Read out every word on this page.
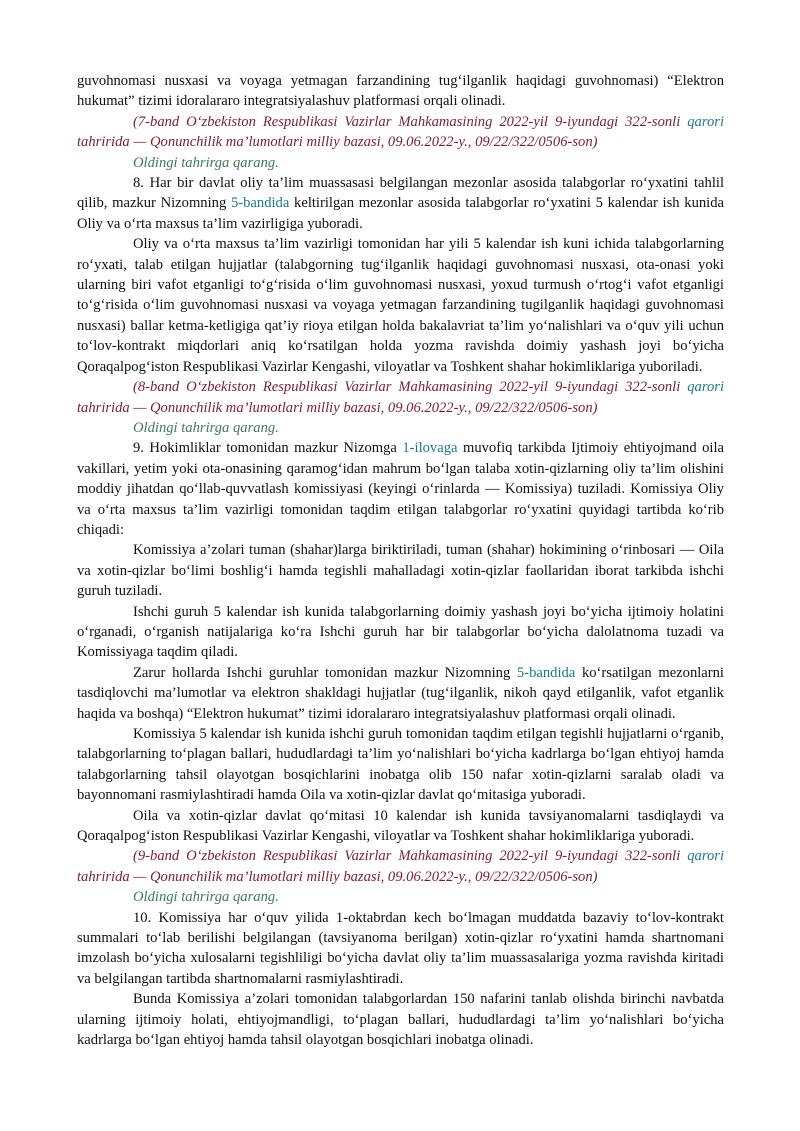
guvohnomasi nusxasi va voyaga yetmagan farzandining tug‘ilganlik haqidagi guvohnomasi) “Elektron hukumat” tizimi idoralararo integratsiyalashuv platformasi orqali olinadi.

(7-band O‘zbekiston Respublikasi Vazirlar Mahkamasining 2022-yil 9-iyundagi 322-sonli qarori tahririda — Qonunchilik ma’lumotlari milliy bazasi, 09.06.2022-y., 09/22/322/0506-son)

Oldingi tahrirga qarang.

8. Har bir davlat oliy ta’lim muassasasi belgilangan mezonlar asosida talabgorlar ro‘yxatini tahlil qilib, mazkur Nizomning 5-bandida keltirilgan mezonlar asosida talabgorlar ro‘yxatini 5 kalendar ish kunida Oliy va o‘rta maxsus ta’lim vazirligiga yuboradi.

Oliy va o‘rta maxsus ta’lim vazirligi tomonidan har yili 5 kalendar ish kuni ichida talabgorlarning ro‘yxati, talab etilgan hujjatlar (talabgorning tug‘ilganlik haqidagi guvohnomasi nusxasi, ota-onasi yoki ularning biri vafot etganligi to‘g‘risida o‘lim guvohnomasi nusxasi, yoxud turmush o‘rtog‘i vafot etganligi to‘g‘risida o‘lim guvohnomasi nusxasi va voyaga yetmagan farzandining tugilganlik haqidagi guvohnomasi nusxasi) ballar ketma-ketligiga qat’iy rioya etilgan holda bakalavriat ta’lim yo‘nalishlari va o‘quv yili uchun to‘lov-kontrakt miqdorlari aniq ko‘rsatilgan holda yozma ravishda doimiy yashash joyi bo‘yicha Qoraqalpog‘iston Respublikasi Vazirlar Kengashi, viloyatlar va Toshkent shahar hokimliklariga yuboriladi.

(8-band O‘zbekiston Respublikasi Vazirlar Mahkamasining 2022-yil 9-iyundagi 322-sonli qarori tahririda — Qonunchilik ma’lumotlari milliy bazasi, 09.06.2022-y., 09/22/322/0506-son)

Oldingi tahrirga qarang.

9. Hokimliklar tomonidan mazkur Nizomga 1-ilovaga muvofiq tarkibda Ijtimoiy ehtiyojmand oila vakillari, yetim yoki ota-onasining qaramog‘idan mahrum bo‘lgan talaba xotin-qizlarning oliy ta’lim olishini moddiy jihatdan qo‘llab-quvvatlash komissiyasi (keyingi o‘rinlarda — Komissiya) tuziladi. Komissiya Oliy va o‘rta maxsus ta’lim vazirligi tomonidan taqdim etilgan talabgorlar ro‘yxatini quyidagi tartibda ko‘rib chiqadi:

Komissiya a’zolari tuman (shahar)larga biriktiriladi, tuman (shahar) hokimining o‘rinbosari — Oila va xotin-qizlar bo‘limi boshlig‘i hamda tegishli mahalladagi xotin-qizlar faollaridan iborat tarkibda ishchi guruh tuziladi.

Ishchi guruh 5 kalendar ish kunida talabgorlarning doimiy yashash joyi bo‘yicha ijtimoiy holatini o‘rganadi, o‘rganish natijalariga ko‘ra Ishchi guruh har bir talabgorlar bo‘yicha dalolatnoma tuzadi va Komissiyaga taqdim qiladi.

Zarur hollarda Ishchi guruhlar tomonidan mazkur Nizomning 5-bandida ko‘rsatilgan mezonlarni tasdiqlovchi ma’lumotlar va elektron shakldagi hujjatlar (tug‘ilganlik, nikoh qayd etilganlik, vafot etganlik haqida va boshqa) “Elektron hukumat” tizimi idoralararo integratsiyalashuv platformasi orqali olinadi.

Komissiya 5 kalendar ish kunida ishchi guruh tomonidan taqdim etilgan tegishli hujjatlarni o‘rganib, talabgorlarning to‘plagan ballari, hududlardagi ta’lim yo‘nalishlari bo‘yicha kadrlarga bo‘lgan ehtiyoj hamda talabgorlarning tahsil olayotgan bosqichlarini inobatga olib 150 nafar xotin-qizlarni saralab oladi va bayonnomani rasmiylashtiradi hamda Oila va xotin-qizlar davlat qo‘mitasiga yuboradi.

Oila va xotin-qizlar davlat qo‘mitasi 10 kalendar ish kunida tavsiyanomalarni tasdiqlaydi va Qoraqalpog‘iston Respublikasi Vazirlar Kengashi, viloyatlar va Toshkent shahar hokimliklariga yuboradi.

(9-band O‘zbekiston Respublikasi Vazirlar Mahkamasining 2022-yil 9-iyundagi 322-sonli qarori tahririda — Qonunchilik ma’lumotlari milliy bazasi, 09.06.2022-y., 09/22/322/0506-son)

Oldingi tahrirga qarang.

10. Komissiya har o‘quv yilida 1-oktabrdan kech bo‘lmagan muddatda bazaviy to‘lov-kontrakt summalari to‘lab berilishi belgilangan (tavsiyanoma berilgan) xotin-qizlar ro‘yxatini hamda shartnomani imzolash bo‘yicha xulosalarni tegishliligi bo‘yicha davlat oliy ta’lim muassasalariga yozma ravishda kiritadi va belgilangan tartibda shartnomalarni rasmiylashtiradi.

Bunda Komissiya a’zolari tomonidan talabgorlardan 150 nafarini tanlab olishda birinchi navbatda ularning ijtimoiy holati, ehtiyojmandligi, to‘plagan ballari, hududlardagi ta’lim yo‘nalishlari bo‘yicha kadrlarga bo‘lgan ehtiyoj hamda tahsil olayotgan bosqichlari inobatga olinadi.
